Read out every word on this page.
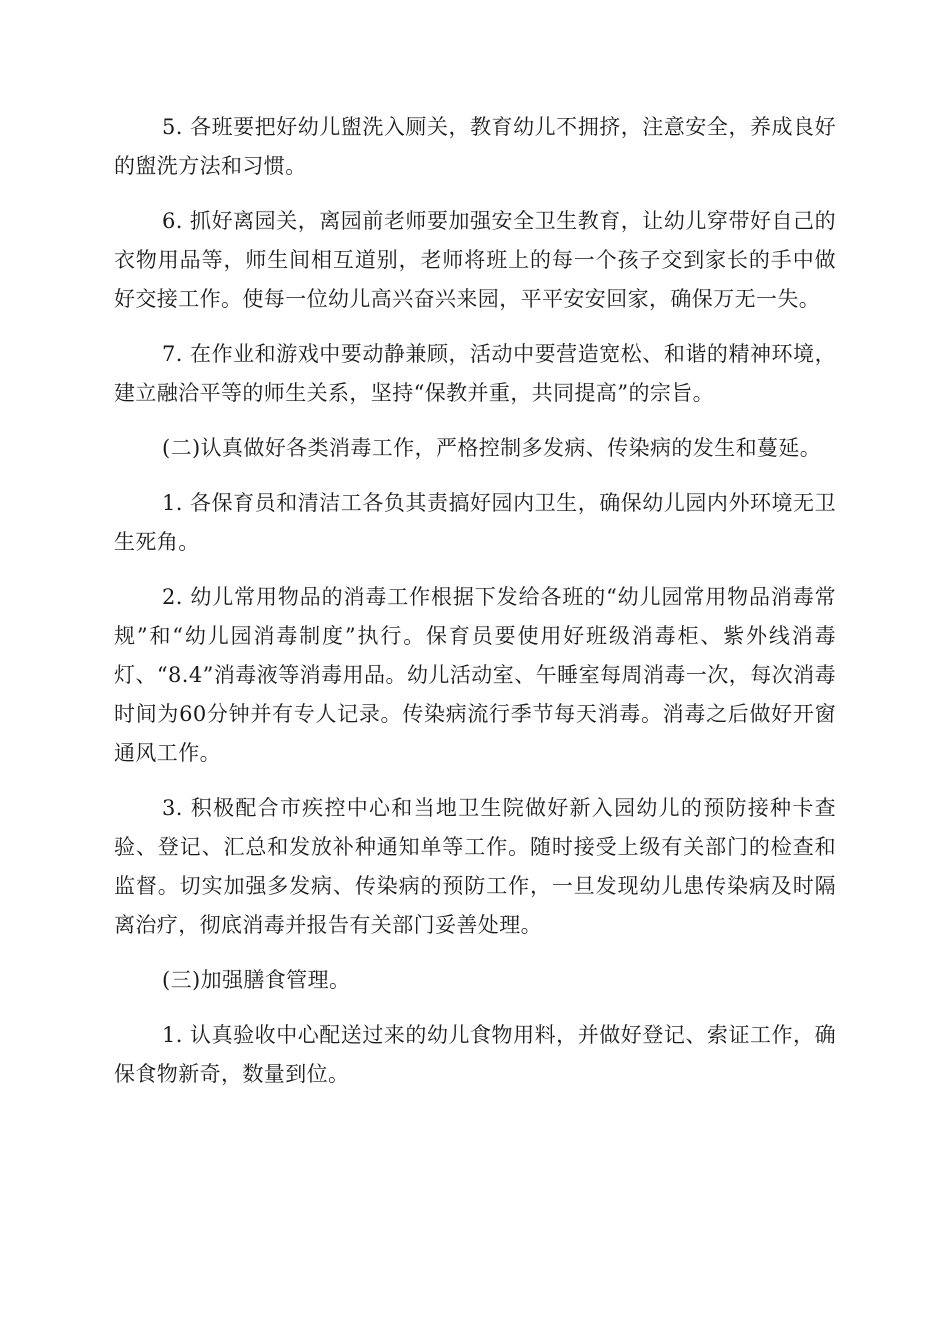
5. 各班要把好幼儿盥洗入厕关，教育幼儿不拥挤，注意安全，养成良好的盥洗方法和习惯。

6. 抓好离园关，离园前老师要加强安全卫生教育，让幼儿穿带好自己的衣物用品等，师生间相互道别，老师将班上的每一个孩子交到家长的手中做好交接工作。使每一位幼儿高兴奋兴来园，平平安安回家，确保万无一失。

7. 在作业和游戏中要动静兼顾，活动中要营造宽松、和谐的精神环境，建立融洽平等的师生关系，坚持“保教并重，共同提高”的宗旨。

(二)认真做好各类消毒工作，严格控制多发病、传染病的发生和蔓延。

1. 各保育员和清洁工各负其责搞好园内卫生，确保幼儿园内外环境无卫生死角。

2. 幼儿常用物品的消毒工作根据下发给各班的“幼儿园常用物品消毒常规”和“幼儿园消毒制度”执行。保育员要使用好班级消毒柜、紫外线消毒灯、“8.4”消毒液等消毒用品。幼儿活动室、午睡室每周消毒一次，每次消毒时间为60分钟并有专人记录。传染病流行季节每天消毒。消毒之后做好开窗通风工作。

3. 积极配合市疾控中心和当地卫生院做好新入园幼儿的预防接种卡查验、登记、汇总和发放补种通知单等工作。随时接受上级有关部门的检查和监督。切实加强多发病、传染病的预防工作，一旦发现幼儿患传染病及时隔离治疗，彻底消毒并报告有关部门妥善处理。

(三)加强膳食管理。

1. 认真验收中心配送过来的幼儿食物用料，并做好登记、索证工作，确保食物新奇，数量到位。
